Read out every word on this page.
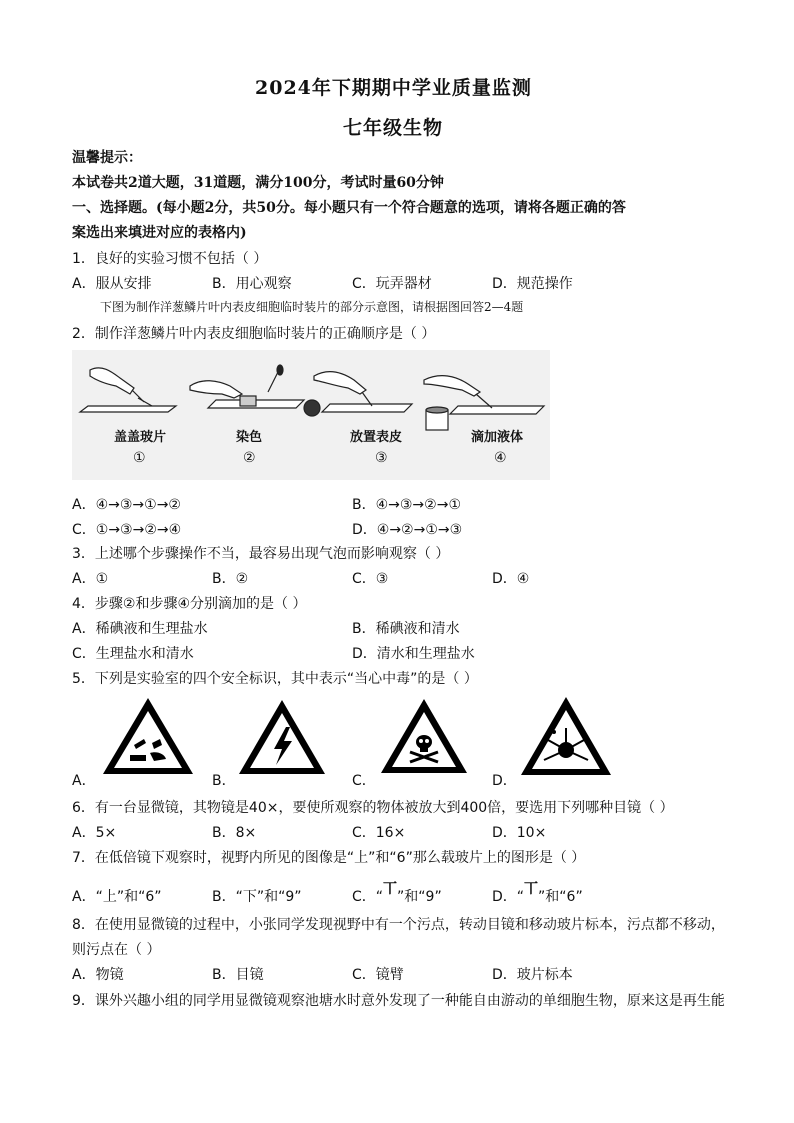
2024年下期期中学业质量监测
七年级生物
温馨提示：
本试卷共2道大题，31道题，满分100分，考试时量60分钟
一、选择题。(每小题2分，共50分。每小题只有一个符合题意的选项，请将各题正确的答
案选出来填进对应的表格内)
1．良好的实验习惯不包括（ ）
A．服从安排	B．用心观察	C．玩弄器材	D．规范操作
下图为制作洋葱鳞片叶内表皮细胞临时装片的部分示意图，请根据图回答2—4题
2．制作洋葱鳞片叶内表皮细胞临时装片的正确顺序是（ ）
盖盖玻片	染色	放置表皮	滴加液体
①	②	③	④
A．④→③→①→②	B．④→③→②→①
C．①→③→②→④	D．④→②→①→③
3．上述哪个步骤操作不当，最容易出现气泡而影响观察（ ）
A．①	B．②	C．③	D．④
4．步骤②和步骤④分别滴加的是（ ）
A．稀碘液和生理盐水	B．稀碘液和清水
C．生理盐水和清水	D．清水和生理盐水
5．下列是实验室的四个安全标识，其中表示“当心中毒”的是（ ）
A．	B．	C．	D．
6．有一台显微镜，其物镜是40×，要使所观察的物体被放大到400倍，要选用下列哪种目镜（ ）
A．5×	B．8×	C．16×	D．10×
7．在低倍镜下观察时，视野内所见的图像是“上”和“6”那么载玻片上的图形是（ ）
A．“上”和“6”	B．“下”和“9”	C．“丅”和“9”	D．“丅”和“6”
8．在使用显微镜的过程中，小张同学发现视野中有一个污点，转动目镜和移动玻片标本，污点都不移动，
则污点在（ ）
A．物镜	B．目镜	C．镜臂	D．玻片标本
9．课外兴趣小组的同学用显微镜观察池塘水时意外发现了一种能自由游动的单细胞生物，原来这是再生能
